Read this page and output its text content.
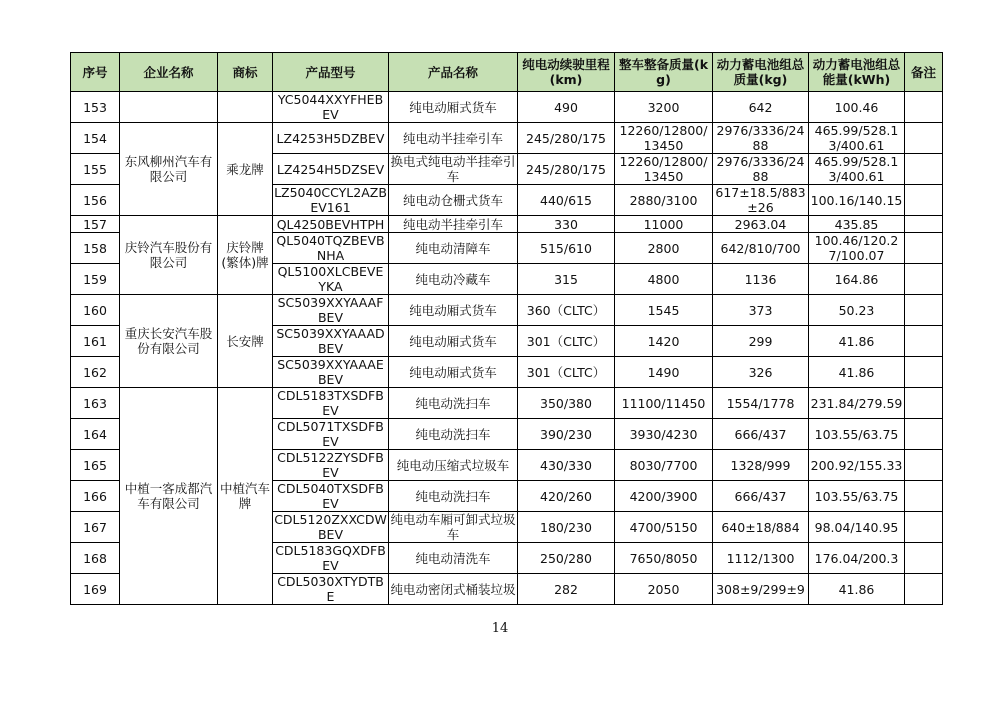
序号	企业名称	商标	产品型号	产品名称	纯电动续驶里程(km)	整车整备质量(kg)	动力蓄电池组总质量(kg)	动力蓄电池组总能量(kWh)	备注
153			YC5044XXYFHEBEV	纯电动厢式货车	490	3200	642	100.46	
154	东风柳州汽车有限公司	乘龙牌	LZ4253H5DZBEV	纯电动半挂牵引车	245/280/175	12260/12800/13450	2976/3336/2488	465.99/528.13/400.61	
155			LZ4254H5DZSEV	换电式纯电动半挂牵引车	245/280/175	12260/12800/13450	2976/3336/2488	465.99/528.13/400.61	
156			LZ5040CCYL2AZBEV161	纯电动仓栅式货车	440/615	2880/3100	617±18.5/883±26	100.16/140.15	
157	庆铃汽车股份有限公司	庆铃牌(繁体)牌	QL4250BEVHTPH	纯电动半挂牵引车	330	11000	2963.04	435.85	
158			QL5040TQZBEVBNHA	纯电动清障车	515/610	2800	642/810/700	100.46/120.27/100.07	
159			QL5100XLCBEVEYKA	纯电动冷藏车	315	4800	1136	164.86	
160	重庆长安汽车股份有限公司	长安牌	SC5039XXYAAAFBEV	纯电动厢式货车	360（CLTC）	1545	373	50.23	
161			SC5039XXYAAADBEV	纯电动厢式货车	301（CLTC）	1420	299	41.86	
162			SC5039XXYAAAEBEV	纯电动厢式货车	301（CLTC）	1490	326	41.86	
163	中植一客成都汽车有限公司	中植汽车牌	CDL5183TXSDFBEV	纯电动洗扫车	350/380	11100/11450	1554/1778	231.84/279.59	
164			CDL5071TXSDFBEV	纯电动洗扫车	390/230	3930/4230	666/437	103.55/63.75	
165			CDL5122ZYSDFBEV	纯电动压缩式垃圾车	430/330	8030/7700	1328/999	200.92/155.33	
166			CDL5040TXSDFBEV	纯电动洗扫车	420/260	4200/3900	666/437	103.55/63.75	
167			CDL5120ZXXCDWBEV	纯电动车厢可卸式垃圾车	180/230	4700/5150	640±18/884	98.04/140.95	
168			CDL5183GQXDFBEV	纯电动清洗车	250/280	7650/8050	1112/1300	176.04/200.3	
169			CDL5030XTYDTBE	纯电动密闭式桶装垃圾	282	2050	308±9/299±9	41.86	
14
